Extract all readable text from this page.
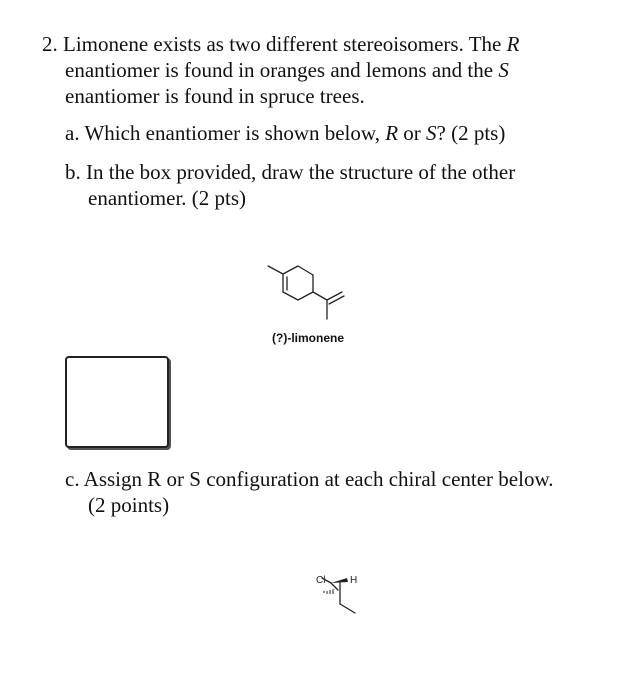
2. Limonene exists as two different stereoisomers. The R
enantiomer is found in oranges and lemons and the S
enantiomer is found in spruce trees.
a. Which enantiomer is shown below, R or S? (2 pts)
b. In the box provided, draw the structure of the other
enantiomer. (2 pts)
(?)-limonene
c. Assign R or S configuration at each chiral center below.
(2 points)
Cl H
